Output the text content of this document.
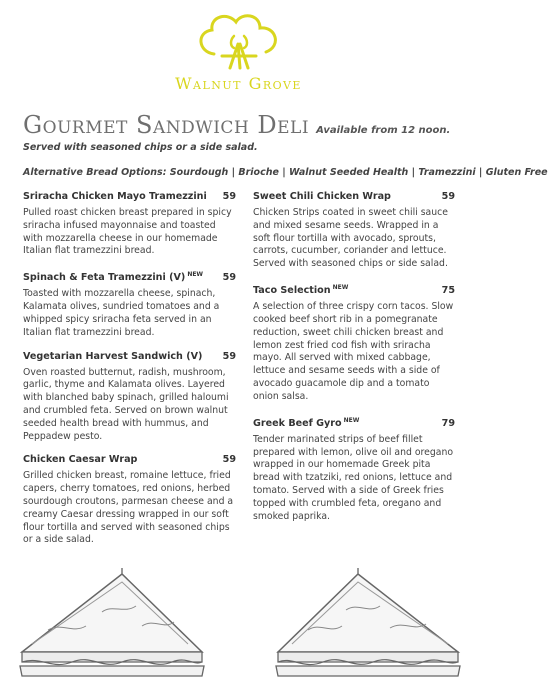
Walnut Grove
Gourmet Sandwich Deli Available from 12 noon.
Served with seasoned chips or a side salad.
Alternative Bread Options: Sourdough | Brioche | Walnut Seeded Health | Tramezzini | Gluten Free
Sriracha Chicken Mayo Tramezzini 59
Pulled roast chicken breast prepared in spicy sriracha infused mayonnaise and toasted with mozzarella cheese in our homemade Italian flat tramezzini bread.
Spinach & Feta Tramezzini (V) $^{NEW}$ 59
Toasted with mozzarella cheese, spinach, Kalamata olives, sundried tomatoes and a whipped spicy sriracha feta served in an Italian flat tramezzini bread.
Vegetarian Harvest Sandwich (V) 59
Oven roasted butternut, radish, mushroom, garlic, thyme and Kalamata olives. Layered with blanched baby spinach, grilled haloumi and crumbled feta. Served on brown walnut seeded health bread with hummus, and Peppadew pesto.
Chicken Caesar Wrap	59
Grilled chicken breast, romaine lettuce, fried capers, cherry tomatoes, red onions, herbed sourdough croutons, parmesan cheese and a creamy Caesar dressing wrapped in our soft flour tortilla and served with seasoned chips or a side salad.
Sweet Chili Chicken Wrap	59
Chicken Strips coated in sweet chili sauce and mixed sesame seeds. Wrapped in a soft flour tortilla with avocado, sprouts, carrots, cucumber, coriander and lettuce. Served with seasoned chips or side salad.
Taco Selection $^{NEW}$	75
A selection of three crispy corn tacos. Slow cooked beef short rib in a pomegranate reduction, sweet chili chicken breast and lemon zest fried cod fish with sriracha mayo. All served with mixed cabbage, lettuce and sesame seeds with a side of avocado guacamole dip and a tomato onion salsa.
Greek Beef Gyro $^{NEW}$	79
Tender marinated strips of beef fillet prepared with lemon, olive oil and oregano wrapped in our homemade Greek pita bread with tzatziki, red onions, lettuce and tomato. Served with a side of Greek fries topped with crumbled feta, oregano and smoked paprika.
